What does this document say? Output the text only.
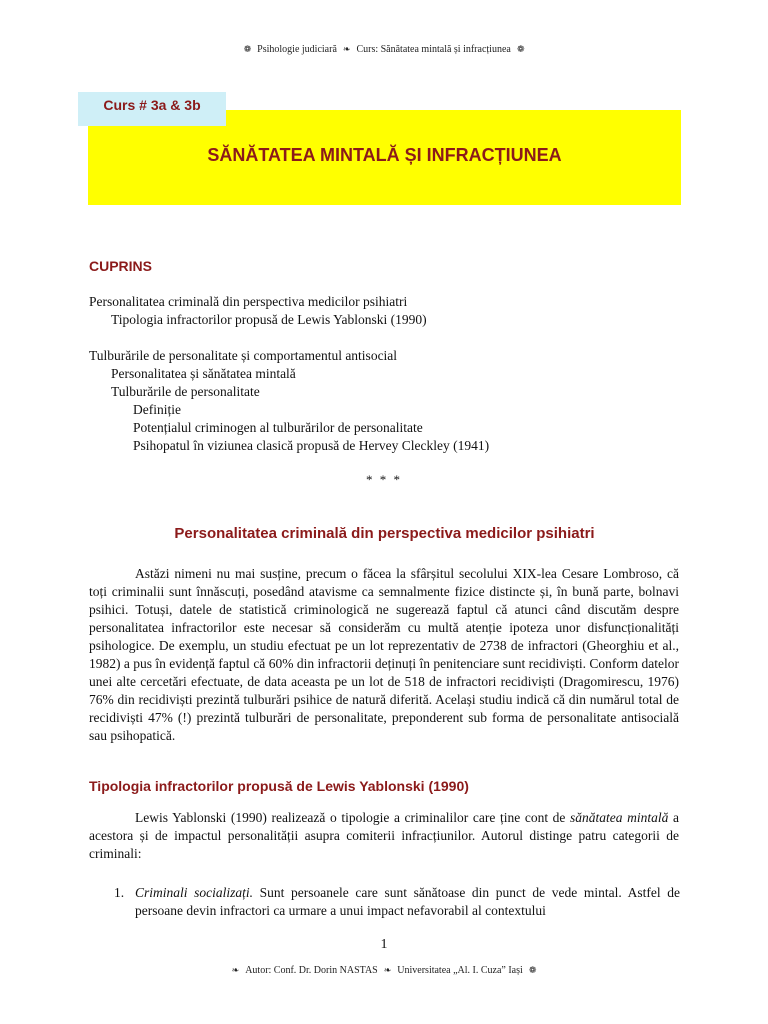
❁ Psihologie judiciară ❧ Curs: Sănătatea mintală și infracțiunea ❁
Curs # 3a & 3b
SĂNĂTATEA MINTALĂ ȘI INFRACȚIUNEA
CUPRINS
Personalitatea criminală din perspectiva medicilor psihiatri
Tipologia infractorilor propusă de Lewis Yablonski (1990)
Tulburările de personalitate și comportamentul antisocial
Personalitatea și sănătatea mintală
Tulburările de personalitate
Definiție
Potențialul criminogen al tulburărilor de personalitate
Psihopatul în viziunea clasică propusă de Hervey Cleckley (1941)
* * *
Personalitatea criminală din perspectiva medicilor psihiatri

Astăzi nimeni nu mai susține, precum o făcea la sfârșitul secolului XIX-lea Cesare Lombroso, că toți criminalii sunt înnăscuți, posedând atavisme ca semnalmente fizice distincte și, în bună parte, bolnavi psihici. Totuși, datele de statistică criminologică ne sugerează faptul că atunci când discutăm despre personalitatea infractorilor este necesar să considerăm cu multă atenție ipoteza unor disfuncționalități psihologice. De exemplu, un studiu efectuat pe un lot reprezentativ de 2738 de infractori (Gheorghiu et al., 1982) a pus în evidență faptul că 60% din infractorii deținuți în penitenciare sunt recidiviști. Conform datelor unei alte cercetări efectuate, de data aceasta pe un lot de 518 de infractori recidiviști (Dragomirescu, 1976) 76% din recidiviști prezintă tulburări psihice de natură diferită. Același studiu indică că din numărul total de recidiviști 47% (!) prezintă tulburări de personalitate, preponderent sub forma de personalitate antisocială sau psihopatică.

Tipologia infractorilor propusă de Lewis Yablonski (1990)

Lewis Yablonski (1990) realizează o tipologie a criminalilor care ține cont de sănătatea mintală a acestora și de impactul personalității asupra comiterii infracțiunilor. Autorul distinge patru categorii de criminali:

1. Criminali socializați. Sunt persoanele care sunt sănătoase din punct de vede mintal. Astfel de persoane devin infractori ca urmare a unui impact nefavorabil al contextului

1
❧ Autor: Conf. Dr. Dorin NASTAS ❧ Universitatea „Al. I. Cuza” Iași ❁
